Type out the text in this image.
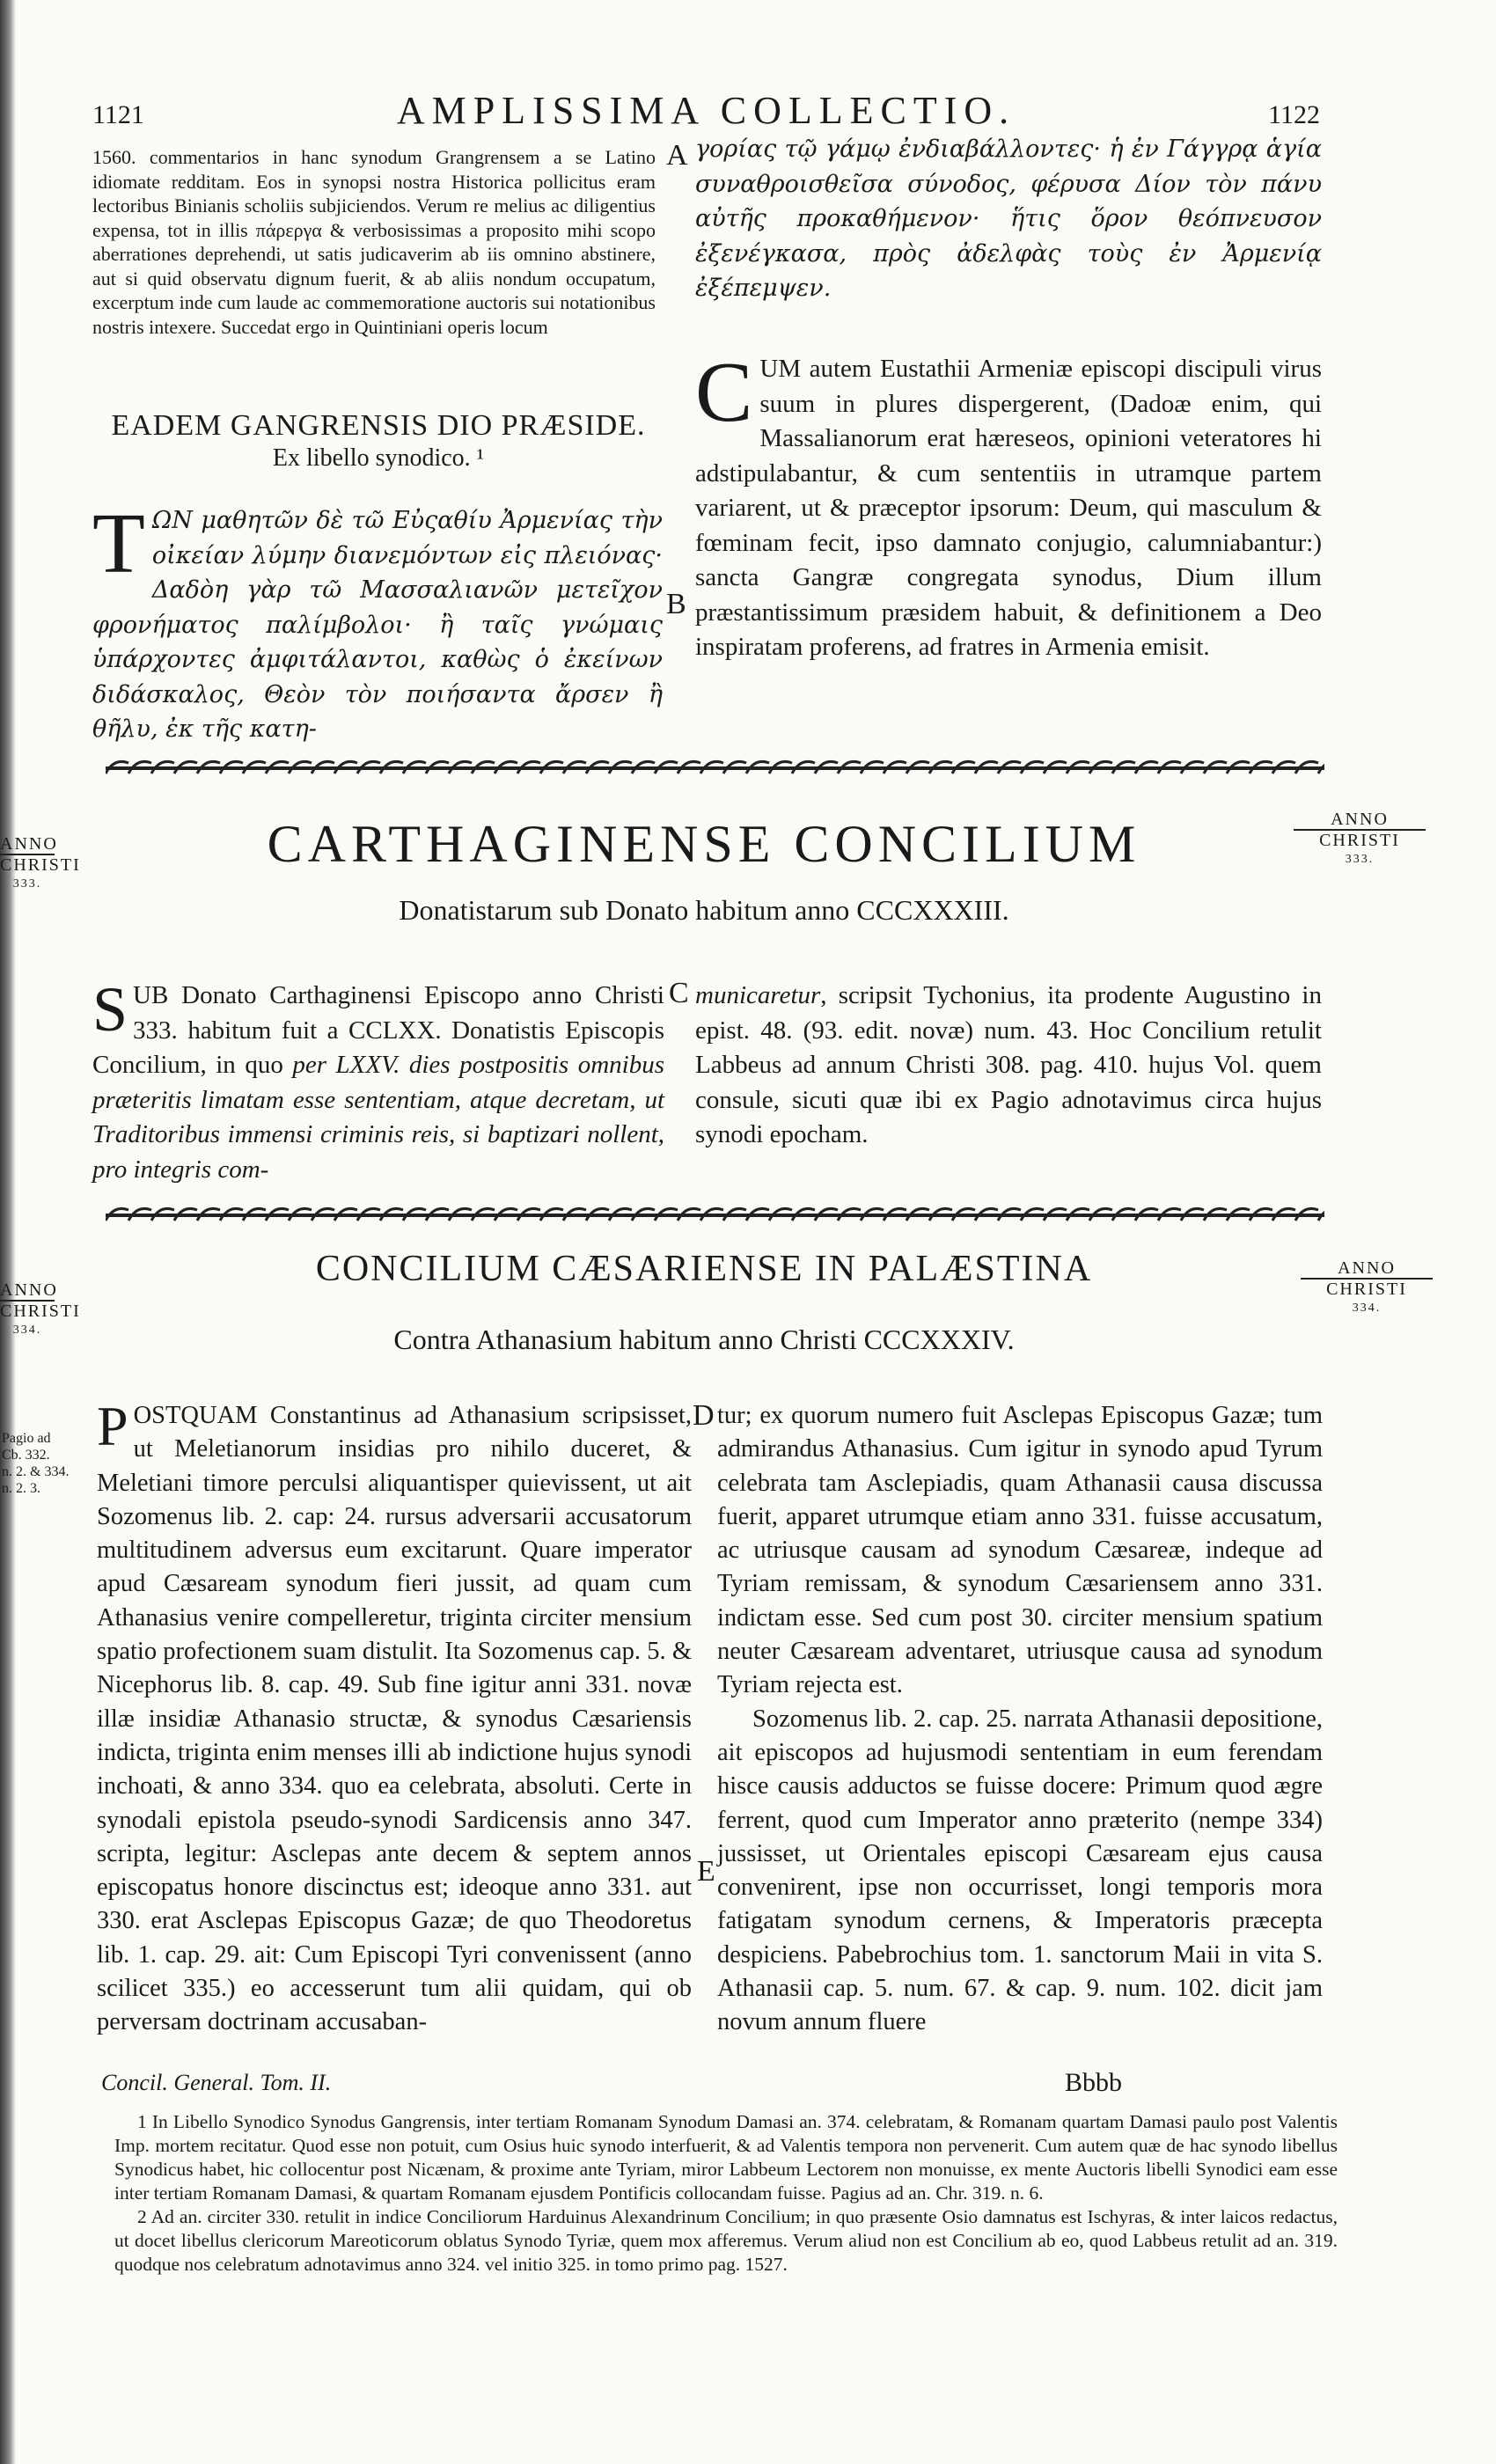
1121	AMPLISSIMA COLLECTIO.	1122

1560. commentarios in hanc synodum Grangrensem a se Latino idiomate redditam. Eos in synopsi nostra Historica pollicitus eram lectoribus Binianis scholiis subjiciendos. Verum re melius ac diligentius expensa, tot in illis πάρεργα & verbosissimas a proposito mihi scopo aberrationes deprehendi, ut satis judicaverim ab iis omnino abstinere, aut si quid observatu dignum fuerit, & ab aliis nondum occupatum, excerptum inde cum laude ac commemoratione auctoris sui notationibus nostris intexere. Succedat ergo in Quintiniani operis locum

EADEM GANGRENSIS DIO PRÆSIDE.
Ex libello synodico. ¹
T ΩΝ μαθητῶν δὲ τῶ Εὐςαθίυ Ἀρμενίας τὴν οἰκείαν λύμην διανεμόντων εἰς πλειόνας· Δαδὸη γὰρ τῶ Μασσαλιανῶν μετεῖχον φρονήματος παλίμβολοι· ἢ ταῖς γνώμαις ὑπάρχοντες ἀμφιτάλαντοι, καθὼς ὁ ἐκείνων διδάσκαλος, Θεὸν τὸν ποιήσαντα ἄρσεν ἢ θῆλυ, ἐκ τῆς κατη-

A γορίας τῷ γάμῳ ἐνδιαβάλλοντες· ἡ ἐν Γάγγρᾳ ἁγία συναθροισθεῖσα σύνοδος, φέρυσα Δίον τὸν πάνυ αὐτῆς προκαθήμενον· ἥτις ὅρον θεόπνευσον ἐξενέγκασα, πρὸς ἀδελφὰς τοὺς ἐν Ἀρμενίᾳ ἐξέπεμψεν.

B
C UM autem Eustathii Armeniæ episcopi discipuli virus suum in plures dispergerent, (Dadoæ enim, qui Massalianorum erat hæreseos, opinioni veteratores hi adstipulabantur, & cum sententiis in utramque partem variarent, ut & præceptor ipsorum: Deum, qui masculum & fœminam fecit, ipso damnato conjugio, calumniabantur:) sancta Gangræ congregata synodus, Dium illum præstantissimum præsidem habuit, & definitionem a Deo inspiratam proferens, ad fratres in Armenia emisit.

ANNO
CHRISTI
333.
ANNO
CHRISTI
333.
CARTHAGINENSE CONCILIUM
Donatistarum sub Donato habitum anno CCCXXXIII.
S UB Donato Carthaginensi Episcopo anno Christi 333. habitum fuit a CCLXX. Donatistis Episcopis Concilium, in quo per LXXV. dies postpositis omnibus præteritis limatam esse sententiam, atque decretam, ut Traditoribus immensi criminis reis, si baptizari nollent, pro integris com-
C municaretur, scripsit Tychonius, ita prodente Augustino in epist. 48. (93. edit. novæ) num. 43. Hoc Concilium retulit Labbeus ad annum Christi 308. pag. 410. hujus Vol. quem consule, sicuti quæ ibi ex Pagio adnotavimus circa hujus synodi epocham.
ANNO
CHRISTI
334.
ANNO
CHRISTI
334.
CONCILIUM CÆSARIENSE IN PALÆSTINA
Contra Athanasium habitum anno Christi CCCXXXIV.
Pagio ad
Cb. 332.
n. 2. & 334.
n. 2. 3.
P OSTQUAM Constantinus ad Athanasium scripsisset, ut Meletianorum insidias pro nihilo duceret, & Meletiani timore perculsi aliquantisper quievissent, ut ait Sozomenus lib. 2. cap: 24. rursus adversarii accusatorum multitudinem adversus eum excitarunt. Quare imperator apud Cæsaream synodum fieri jussit, ad quam cum Athanasius venire compelleretur, triginta circiter mensium spatio profectionem suam distulit. Ita Sozomenus cap. 5. & Nicephorus lib. 8. cap. 49. Sub fine igitur anni 331. novæ illæ insidiæ Athanasio structæ, & synodus Cæsariensis indicta, triginta enim menses illi ab indictione hujus synodi inchoati, & anno 334. quo ea celebrata, absoluti. Certe in synodali epistola pseudo-synodi Sardicensis anno 347. scripta, legitur: Asclepas ante decem & septem annos episcopatus honore discinctus est; ideoque anno 331. aut 330. erat Asclepas Episcopus Gazæ; de quo Theodoretus lib. 1. cap. 29. ait: Cum Episcopi Tyri convenissent (anno scilicet 335.) eo accesserunt tum alii quidam, qui ob perversam doctrinam accusaban-

D
E

tur; ex quorum numero fuit Asclepas Episcopus Gazæ; tum admirandus Athanasius. Cum igitur in synodo apud Tyrum celebrata tam Asclepiadis, quam Athanasii causa discussa fuerit, apparet utrumque etiam anno 331. fuisse accusatum, ac utriusque causam ad synodum Cæsareæ, indeque ad Tyriam remissam, & synodum Cæsariensem anno 331. indictam esse. Sed cum post 30. circiter mensium spatium neuter Cæsaream adventaret, utriusque causa ad synodum Tyriam rejecta est.

Sozomenus lib. 2. cap. 25. narrata Athanasii depositione, ait episcopos ad hujusmodi sententiam in eum ferendam hisce causis adductos se fuisse docere: Primum quod ægre ferrent, quod cum Imperator anno præterito (nempe 334) jussisset, ut Orientales episcopi Cæsaream ejus causa convenirent, ipse non occurrisset, longi temporis mora fatigatam synodum cernens, & Imperatoris præcepta despiciens. Pabebrochius tom. 1. sanctorum Maii in vita S. Athanasii cap. 5. num. 67. & cap. 9. num. 102. dicit jam novum annum fluere

Concil. General. Tom. II.	Bbbb

1 In Libello Synodico Synodus Gangrensis, inter tertiam Romanam Synodum Damasi an. 374. celebratam, & Romanam quartam Damasi paulo post Valentis Imp. mortem recitatur. Quod esse non potuit, cum Osius huic synodo interfuerit, & ad Valentis tempora non pervenerit. Cum autem quæ de hac synodo libellus Synodicus habet, hic collocentur post Nicænam, & proxime ante Tyriam, miror Labbeum Lectorem non monuisse, ex mente Auctoris libelli Synodici eam esse inter tertiam Romanam Damasi, & quartam Romanam ejusdem Pontificis collocandam fuisse. Pagius ad an. Chr. 319. n. 6.

2 Ad an. circiter 330. retulit in indice Conciliorum Harduinus Alexandrinum Concilium; in quo præsente Osio damnatus est Ischyras, & inter laicos redactus, ut docet libellus clericorum Mareoticorum oblatus Synodo Tyriæ, quem mox afferemus. Verum aliud non est Concilium ab eo, quod Labbeus retulit ad an. 319. quodque nos celebratum adnotavimus anno 324. vel initio 325. in tomo primo pag. 1527.
